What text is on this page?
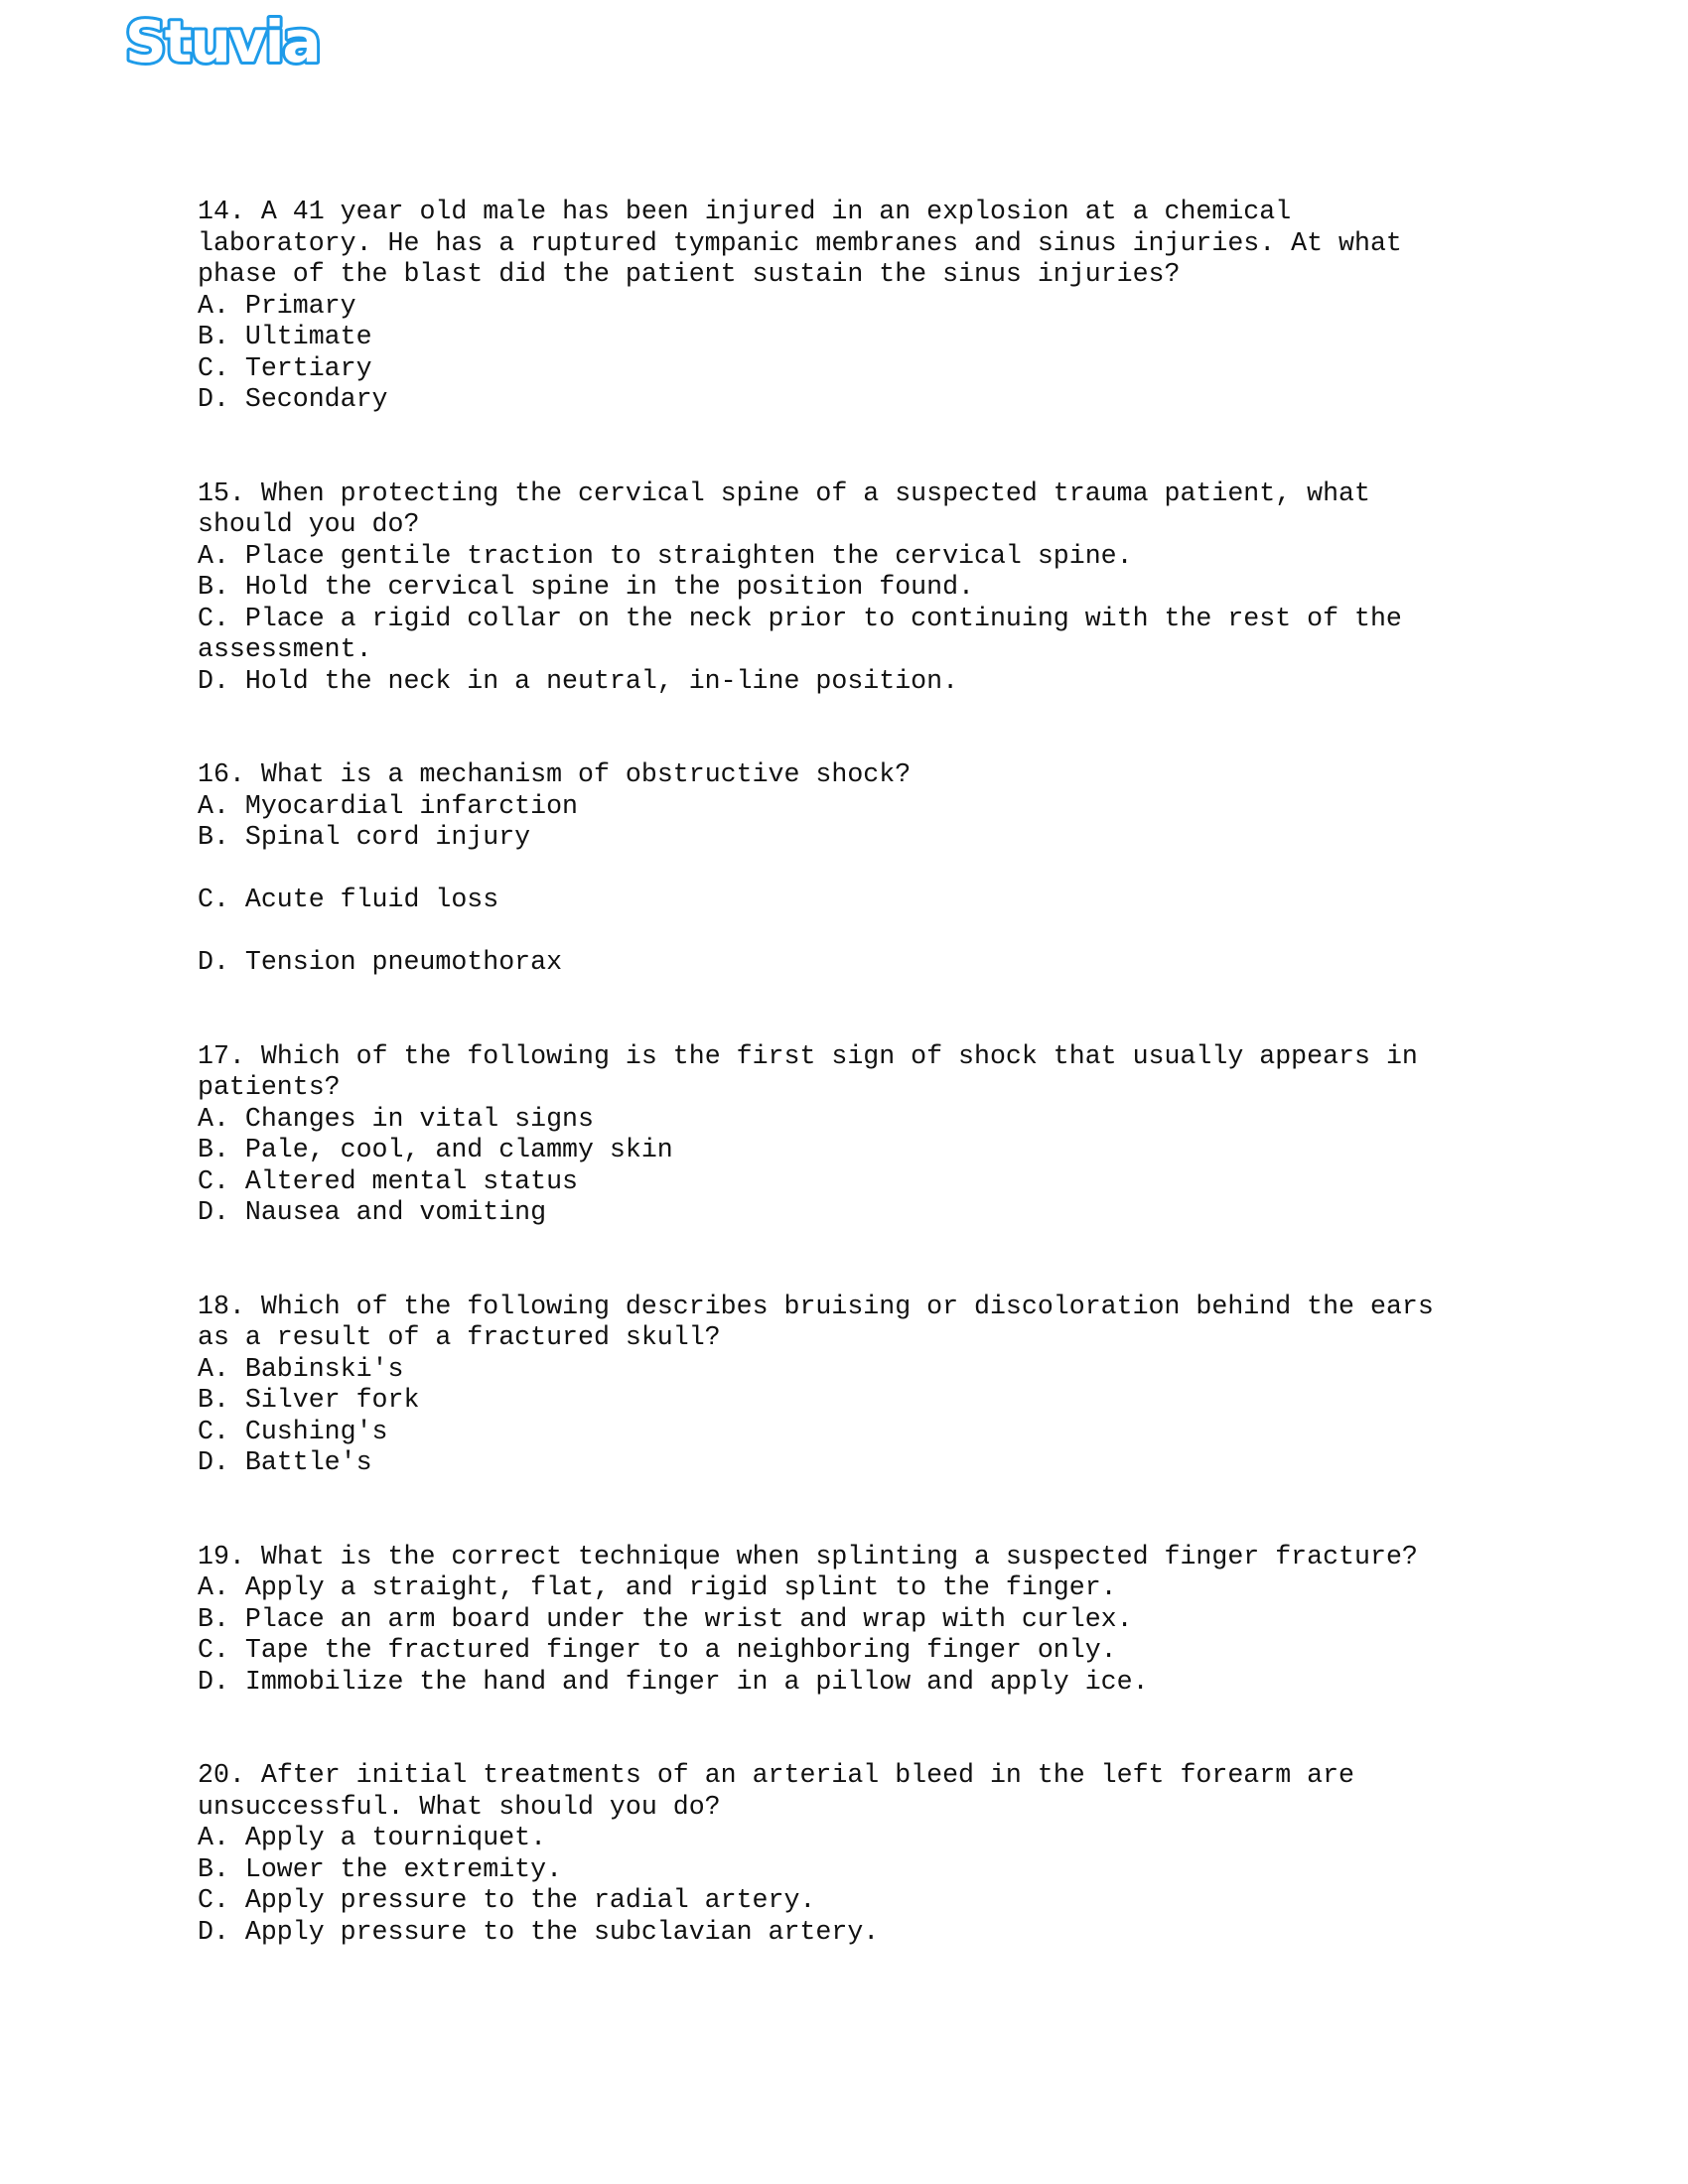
Stuvia
14. A 41 year old male has been injured in an explosion at a chemical
laboratory. He has a ruptured tympanic membranes and sinus injuries. At what
phase of the blast did the patient sustain the sinus injuries?
A. Primary
B. Ultimate
C. Tertiary
D. Secondary
15. When protecting the cervical spine of a suspected trauma patient, what
should you do?
A. Place gentile traction to straighten the cervical spine.
B. Hold the cervical spine in the position found.
C. Place a rigid collar on the neck prior to continuing with the rest of the
assessment.
D. Hold the neck in a neutral, in-line position.
16. What is a mechanism of obstructive shock?
A. Myocardial infarction
B. Spinal cord injury
C. Acute fluid loss
D. Tension pneumothorax
17. Which of the following is the first sign of shock that usually appears in
patients?
A. Changes in vital signs
B. Pale, cool, and clammy skin
C. Altered mental status
D. Nausea and vomiting
18. Which of the following describes bruising or discoloration behind the ears
as a result of a fractured skull?
A. Babinski's
B. Silver fork
C. Cushing's
D. Battle's
19. What is the correct technique when splinting a suspected finger fracture?
A. Apply a straight, flat, and rigid splint to the finger.
B. Place an arm board under the wrist and wrap with curlex.
C. Tape the fractured finger to a neighboring finger only.
D. Immobilize the hand and finger in a pillow and apply ice.
20. After initial treatments of an arterial bleed in the left forearm are
unsuccessful. What should you do?
A. Apply a tourniquet.
B. Lower the extremity.
C. Apply pressure to the radial artery.
D. Apply pressure to the subclavian artery.
